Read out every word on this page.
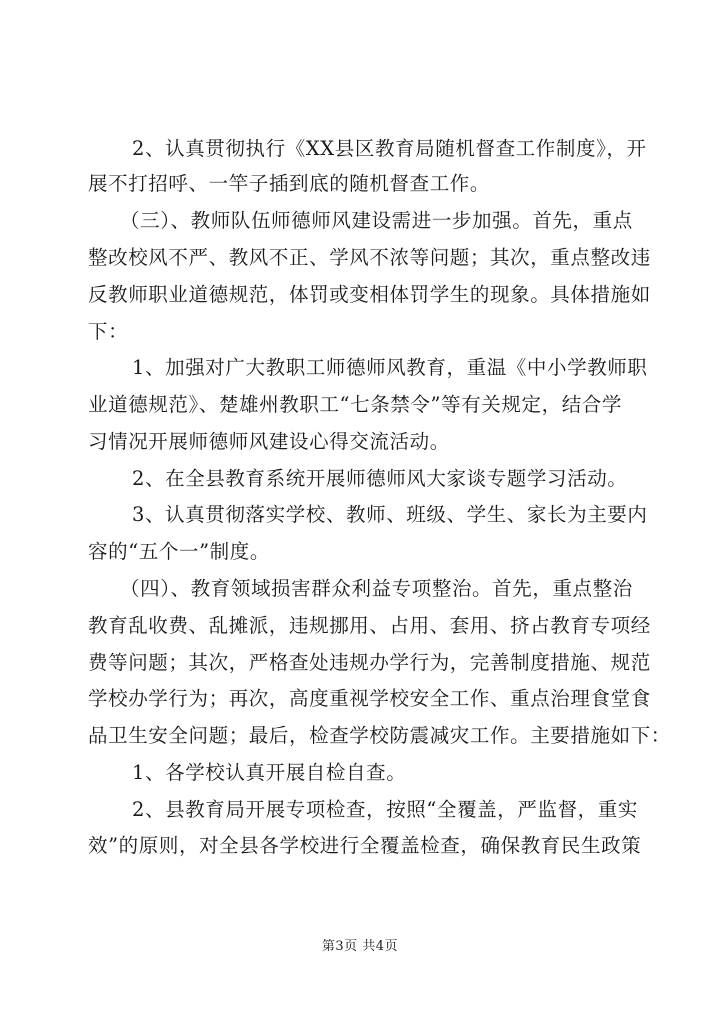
2、认真贯彻执行《XX县区教育局随机督查工作制度》，开
展不打招呼、一竿子插到底的随机督查工作。
（三）、教师队伍师德师风建设需进一步加强。首先，重点
整改校风不严、教风不正、学风不浓等问题；其次，重点整改违
反教师职业道德规范，体罚或变相体罚学生的现象。具体措施如
下：
1、加强对广大教职工师德师风教育，重温《中小学教师职
业道德规范》、楚雄州教职工“七条禁令”等有关规定，结合学
习情况开展师德师风建设心得交流活动。
2、在全县教育系统开展师德师风大家谈专题学习活动。
3、认真贯彻落实学校、教师、班级、学生、家长为主要内
容的“五个一”制度。
（四）、教育领域损害群众利益专项整治。首先，重点整治
教育乱收费、乱摊派，违规挪用、占用、套用、挤占教育专项经
费等问题；其次，严格查处违规办学行为，完善制度措施、规范
学校办学行为；再次，高度重视学校安全工作、重点治理食堂食
品卫生安全问题；最后，检查学校防震减灾工作。主要措施如下：
1、各学校认真开展自检自查。
2、县教育局开展专项检查，按照“全覆盖，严监督，重实
效”的原则，对全县各学校进行全覆盖检查，确保教育民生政策
第3页 共4页
